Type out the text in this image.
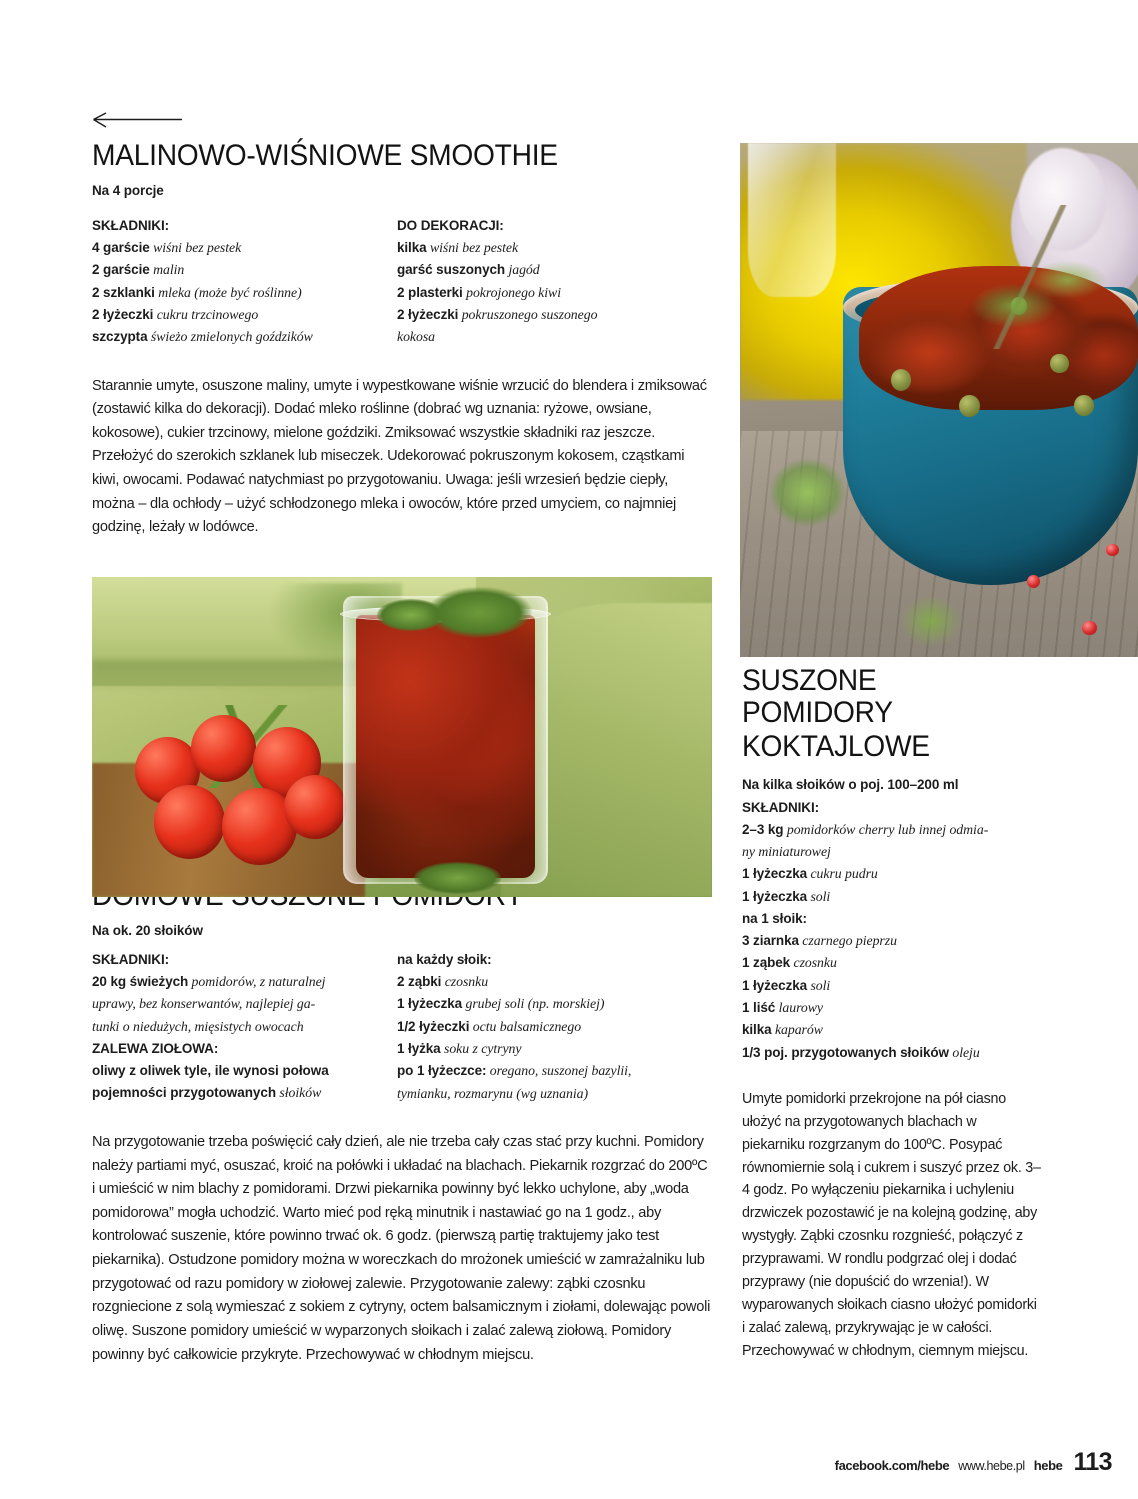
MALINOWO-WIŚNIOWE SMOOTHIE

Na 4 porcje

SKŁADNIKI:

4 garście wiśni bez pestek

2 garście malin

2 szklanki mleka (może być roślinne)

2 łyżeczki cukru trzcinowego

szczypta świeżo zmielonych goździków

DO DEKORACJI:

kilka wiśni bez pestek

garść suszonych jagód

2 plasterki pokrojonego kiwi

2 łyżeczki pokruszonego suszonego

kokosa

Starannie umyte, osuszone maliny, umyte i wypestkowane wiśnie wrzucić do blendera i zmiksować (zostawić kilka do dekoracji). Dodać mleko roślinne (dobrać wg uznania: ryżowe, owsiane, kokosowe), cukier trzcinowy, mielone goździki. Zmiksować wszystkie składniki raz jeszcze. Przełożyć do szerokich szklanek lub miseczek. Udekorować pokruszonym kokosem, cząstkami kiwi, owocami. Podawać natychmiast po przygotowaniu. Uwaga: jeśli wrzesień będzie ciepły, można – dla ochłody – użyć schłodzonego mleka i owoców, które przed umyciem, co najmniej godzinę, leżały w lodówce.

Na ok. 20 słoików

SKŁADNIKI:

20 kg świeżych pomidorów, z naturalnej

uprawy, bez konserwantów, najlepiej ga-

tunki o niedużych, mięsistych owocach

ZALEWA ZIOŁOWA:

oliwy z oliwek tyle, ile wynosi połowa

pojemności przygotowanych słoików

na każdy słoik:

2 ząbki czosnku

1 łyżeczka grubej soli (np. morskiej)

1/2 łyżeczki octu balsamicznego

1 łyżka soku z cytryny

po 1 łyżeczce: oregano, suszonej bazylii,

tymianku, rozmarynu (wg uznania)

Na przygotowanie trzeba poświęcić cały dzień, ale nie trzeba cały czas stać przy kuchni. Pomidory należy partiami myć, osuszać, kroić na połówki i układać na blachach. Piekarnik rozgrzać do 200ºC i umieścić w nim blachy z pomidorami. Drzwi piekarnika powinny być lekko uchylone, aby „woda pomidorowa” mogła uchodzić. Warto mieć pod ręką minutnik i nastawiać go na 1 godz., aby kontrolować suszenie, które powinno trwać ok. 6 godz. (pierwszą partię traktujemy jako test piekarnika). Ostudzone pomidory można w woreczkach do mrożonek umieścić w zamrażalniku lub przygotować od razu pomidory w ziołowej zalewie. Przygotowanie zalewy: ząbki czosnku rozgniecione z solą wymieszać z sokiem z cytryny, octem balsamicznym i ziołami, dolewając powoli oliwę. Suszone pomidory umieścić w wyparzonych słoikach i zalać zalewą ziołową. Pomidory powinny być całkowicie przykryte. Przechowywać w chłodnym miejscu.

SUSZONE POMIDORY
KOKTAJLOWE

Na kilka słoików o poj. 100–200 ml

SKŁADNIKI:

2–3 kg pomidorków cherry lub innej odmia-

ny miniaturowej

1 łyżeczka cukru pudru

1 łyżeczka soli

na 1 słoik:

3 ziarnka czarnego pieprzu

1 ząbek czosnku

1 łyżeczka soli

1 liść laurowy

kilka kaparów

1/3 poj. przygotowanych słoików oleju

Umyte pomidorki przekrojone na pół ciasno ułożyć na przygotowanych blachach w piekarniku rozgrzanym do 100ºC. Posypać równomiernie solą i cukrem i suszyć przez ok. 3–4 godz. Po wyłączeniu piekarnika i uchyleniu drzwiczek pozostawić je na kolejną godzinę, aby wystygły. Ząbki czosnku rozgnieść, połączyć z przyprawami. W rondlu podgrzać olej i dodać przyprawy (nie dopuścić do wrzenia!). W wyparowanych słoikach ciasno ułożyć pomidorki i zalać zalewą, przykrywając je w całości. Przechowywać w chłodnym, ciemnym miejscu.

facebook.com/hebe www.hebe.pl hebe 113
